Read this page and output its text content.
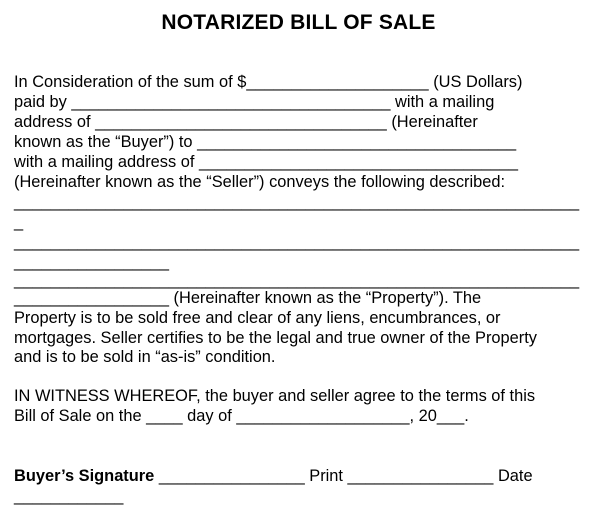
NOTARIZED BILL OF SALE
In Consideration of the sum of $____________________ (US Dollars)
paid by ___________________________________ with a mailing
address of ________________________________ (Hereinafter
known as the “Buyer”) to ___________________________________
with a mailing address of ___________________________________
(Hereinafter known as the “Seller”) conveys the following described:
______________________________________________________________
_
______________________________________________________________
_________________
______________________________________________________________
_________________ (Hereinafter known as the “Property”). The
Property is to be sold free and clear of any liens, encumbrances, or
mortgages. Seller certifies to be the legal and true owner of the Property
and is to be sold in “as-is” condition.
IN WITNESS WHEREOF, the buyer and seller agree to the terms of this
Bill of Sale on the ____ day of ___________________, 20___.
Buyer’s Signature ________________ Print ________________ Date
____________
